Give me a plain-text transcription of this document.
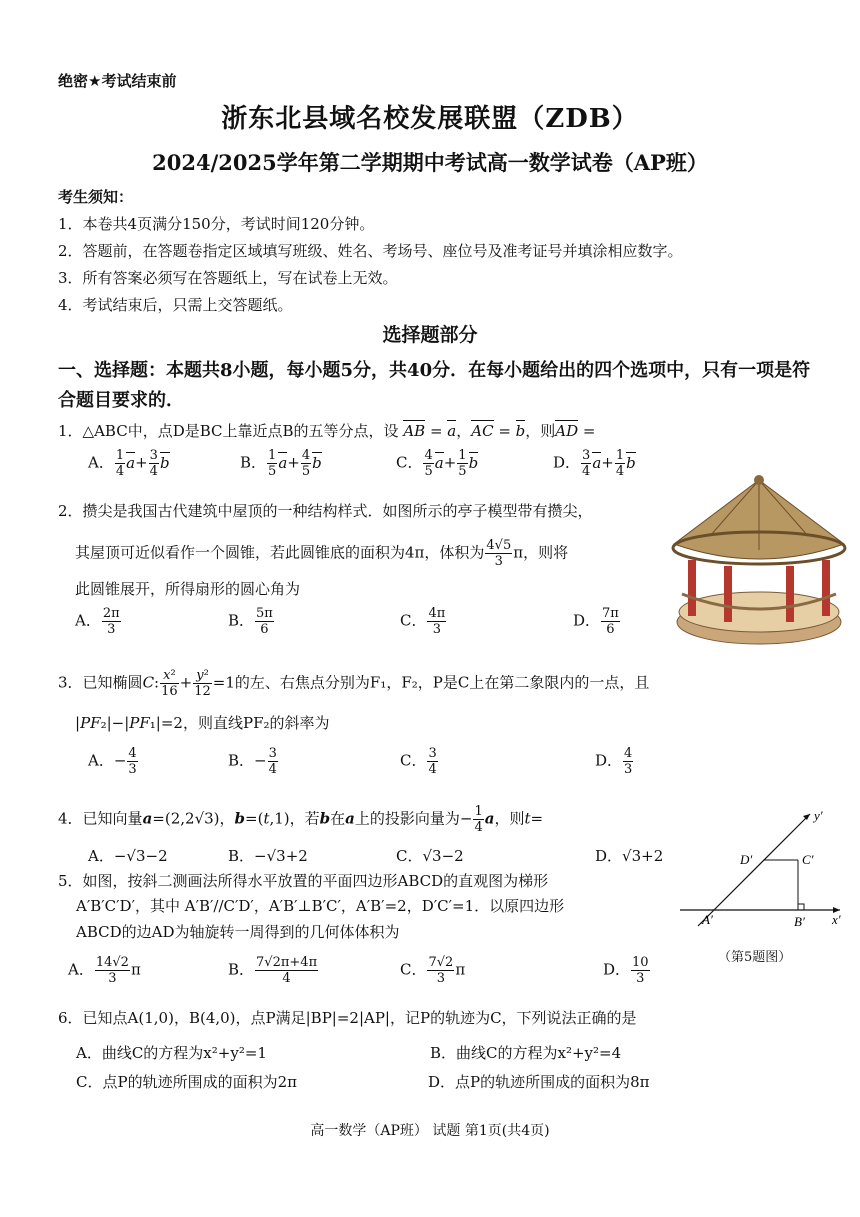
绝密★考试结束前
浙东北县域名校发展联盟（ZDB）
2024/2025学年第二学期期中考试高一数学试卷（AP班）
考生须知：
1．本卷共4页满分150分，考试时间120分钟。
2．答题前，在答题卷指定区域填写班级、姓名、考场号、座位号及准考证号并填涂相应数字。
3．所有答案必须写在答题纸上，写在试卷上无效。
4．考试结束后，只需上交答题纸。
选择题部分
一、选择题：本题共8小题，每小题5分，共40分．在每小题给出的四个选项中，只有一项是符合题目要求的．
1．△ABC中，点D是BC上靠近点B的五等分点，设 AB = a，AC = b，则AD =
A． $\frac{1}{4} a+ \frac{3}{4}$ b	B． $\frac{1}{5} a+ \frac{4}{5}$ b	C． $\frac{4}{5} a+ \frac{1}{5}$ b	D． $\frac{3}{4} a+ \frac{1}{4}$ b
2．攒尖是我国古代建筑中屋顶的一种结构样式．如图所示的亭子模型带有攒尖，
其屋顶可近似看作一个圆锥，若此圆锥底的面积为4π，体积为 $\frac{4√5}{3}$ π，则将
此圆锥展开，所得扇形的圆心角为
A． $\frac{2\pi}{3}$	B． $\frac{5\pi}{6}$	C． $\frac{4\pi}{3}$	D． $\frac{7\pi}{6}$
3．已知椭圆C: $\frac{\text{x²}}{16} + \frac{\text{y²}}{12} =1$的左、右焦点分别为F₁，F₂，P是C上在第二象限内的一点，且
|PF₂|−|PF₁|=2，则直线PF₂的斜率为
A．− $\frac{4}{3}$	B．− $\frac{3}{4}$	C． $\frac{3}{4}$	D． $\frac{4}{3}$
4．已知向量a=(2,2√3)，b=(t,1)，若b在a上的投影向量为− $\frac{1}{4}$ a，则t=
A．−√3−2	B．−√3+2	C．√3−2	D．√3+2
5．如图，按斜二测画法所得水平放置的平面四边形ABCD的直观图为梯形
A′B′C′D′，其中 A′B′//C′D′，A′B′⊥B′C′，A′B′=2，D′C′=1．以原四边形
ABCD的边AD为轴旋转一周得到的几何体体积为
A． $\frac{14√2}{3}$ π	B． $\frac{7√2\pi+4\pi}{4}$	C． $\frac{7√2}{3}$ π	D． $\frac{10}{3}$
y′
D′	C′
A′	B′ x′
（第5题图）
6．已知点A(1,0)，B(4,0)，点P满足|BP|=2|AP|，记P的轨迹为C，下列说法正确的是
A．曲线C的方程为x²+y²=1	B．曲线C的方程为x²+y²=4
C．点P的轨迹所围成的面积为2π	D．点P的轨迹所围成的面积为8π
高一数学（AP班） 试题 第1页(共4页)
